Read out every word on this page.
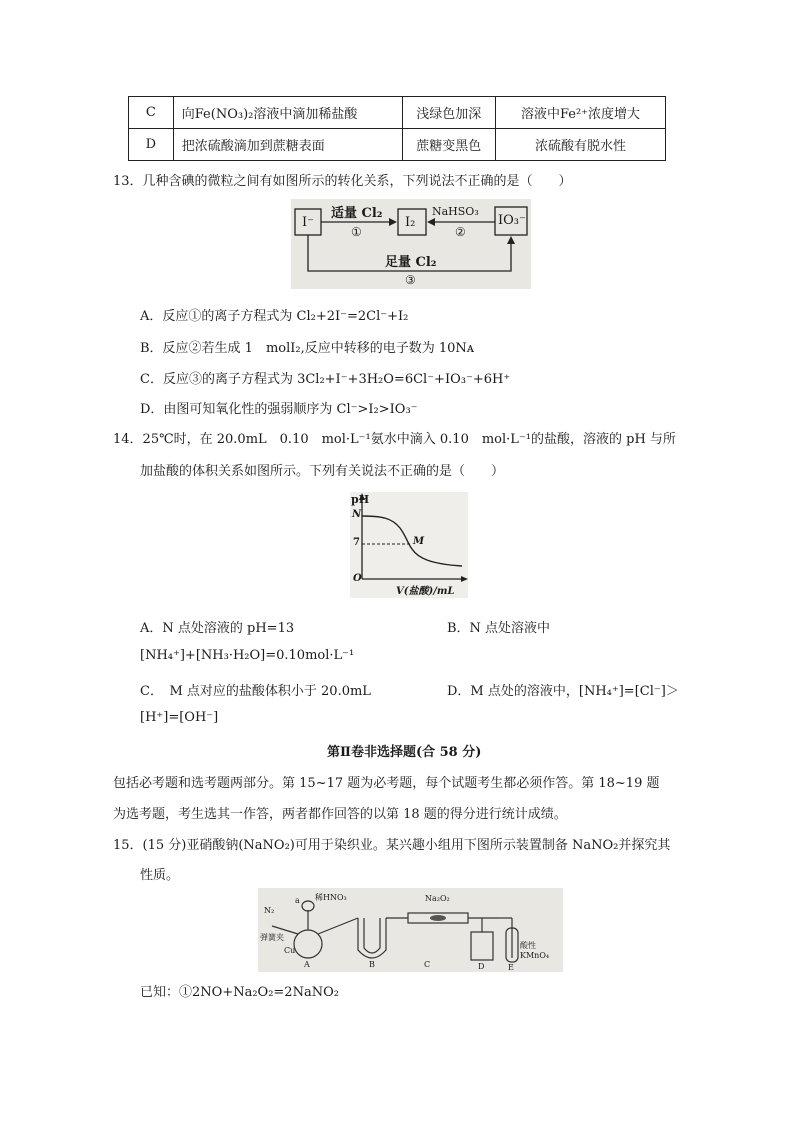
C	向Fe(NO₃)₂溶液中滴加稀盐酸	浅绿色加深	溶液中Fe²⁺浓度增大
D	把浓硫酸滴加到蔗糖表面	蔗糖变黑色	浓硫酸有脱水性
13．几种含碘的微粒之间有如图所示的转化关系，下列说法不正确的是（　　）
I⁻	I₂	IO₃⁻
适量 Cl₂
①
NaHSO₃
②
足量 Cl₂
③
A．反应①的离子方程式为 Cl₂+2I⁻=2Cl⁻+I₂
B．反应②若生成 1　molI₂,反应中转移的电子数为 10Nᴀ
C．反应③的离子方程式为 3Cl₂+I⁻+3H₂O=6Cl⁻+IO₃⁻+6H⁺
D．由图可知氧化性的强弱顺序为 Cl⁻>I₂>IO₃⁻
14．25℃时，在 20.0mL　0.10　mol·L⁻¹氨水中滴入 0.10　mol·L⁻¹的盐酸，溶液的 pH 与所
加盐酸的体积关系如图所示。下列有关说法不正确的是（　　）
pH
N
7	M
O
V(盐酸)/mL
A．N 点处溶液的 pH=13	B．N 点处溶液中
[NH₄⁺]+[NH₃·H₂O]=0.10mol·L⁻¹
C．　M 点对应的盐酸体积小于 20.0mL	D．M 点处的溶液中，[NH₄⁺]=[Cl⁻]＞
[H⁺]=[OH⁻]
第Ⅱ卷非选择题(合 58 分)
包括必考题和选考题两部分。第 15~17 题为必考题，每个试题考生都必须作答。第 18~19 题
为选考题，考生选其一作答，两者都作回答的以第 18 题的得分进行统计成绩。
15．(15 分)亚硝酸钠(NaNO₂)可用于染织业。某兴趣小组用下图所示装置制备 NaNO₂并探究其
性质。
稀HNO₃
a
N₂
弹簧夹
Cu
Na₂O₂
酸性KMnO₄
A	B	C	D	E
已知：①2NO+Na₂O₂=2NaNO₂
